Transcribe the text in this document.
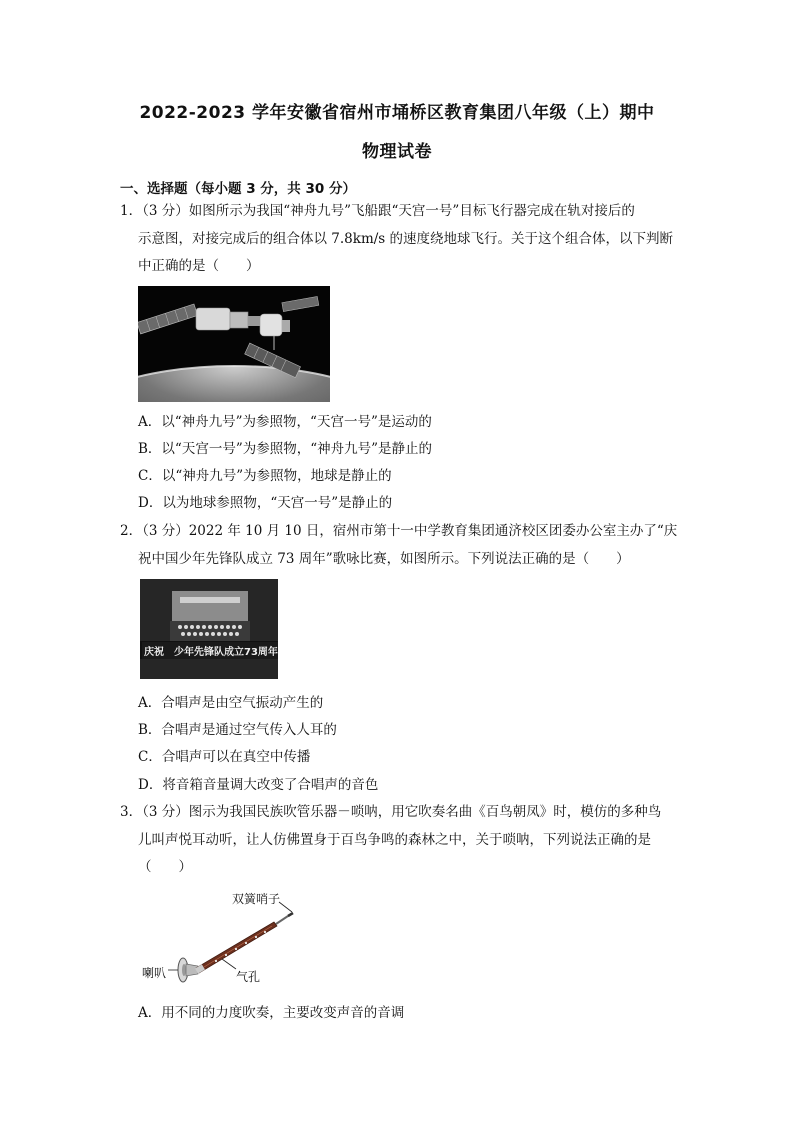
2022-2023 学年安徽省宿州市埇桥区教育集团八年级（上）期中
物理试卷
一、选择题（每小题 3 分，共 30 分）
1．（3 分）如图所示为我国“神舟九号”飞船跟“天宫一号”目标飞行器完成在轨对接后的
示意图，对接完成后的组合体以 7.8km/s 的速度绕地球飞行。关于这个组合体，以下判断
中正确的是（　　）
A．以“神舟九号”为参照物，“天宫一号”是运动的
B．以“天宫一号”为参照物，“神舟九号”是静止的
C．以“神舟九号”为参照物，地球是静止的
D．以为地球参照物，“天宫一号”是静止的
2．（3 分）2022 年 10 月 10 日，宿州市第十一中学教育集团通济校区团委办公室主办了“庆
祝中国少年先锋队成立 73 周年”歌咏比赛，如图所示。下列说法正确的是（　　）
庆祝　少年先锋队成立73周年
A．合唱声是由空气振动产生的
B．合唱声是通过空气传入人耳的
C．合唱声可以在真空中传播
D．将音箱音量调大改变了合唱声的音色
3．（3 分）图示为我国民族吹管乐器－唢呐，用它吹奏名曲《百鸟朝凤》时，模仿的多种鸟
儿叫声悦耳动听，让人仿佛置身于百鸟争鸣的森林之中，关于唢呐，下列说法正确的是
（　　）
双簧哨子
喇叭	气孔
A．用不同的力度吹奏，主要改变声音的音调
